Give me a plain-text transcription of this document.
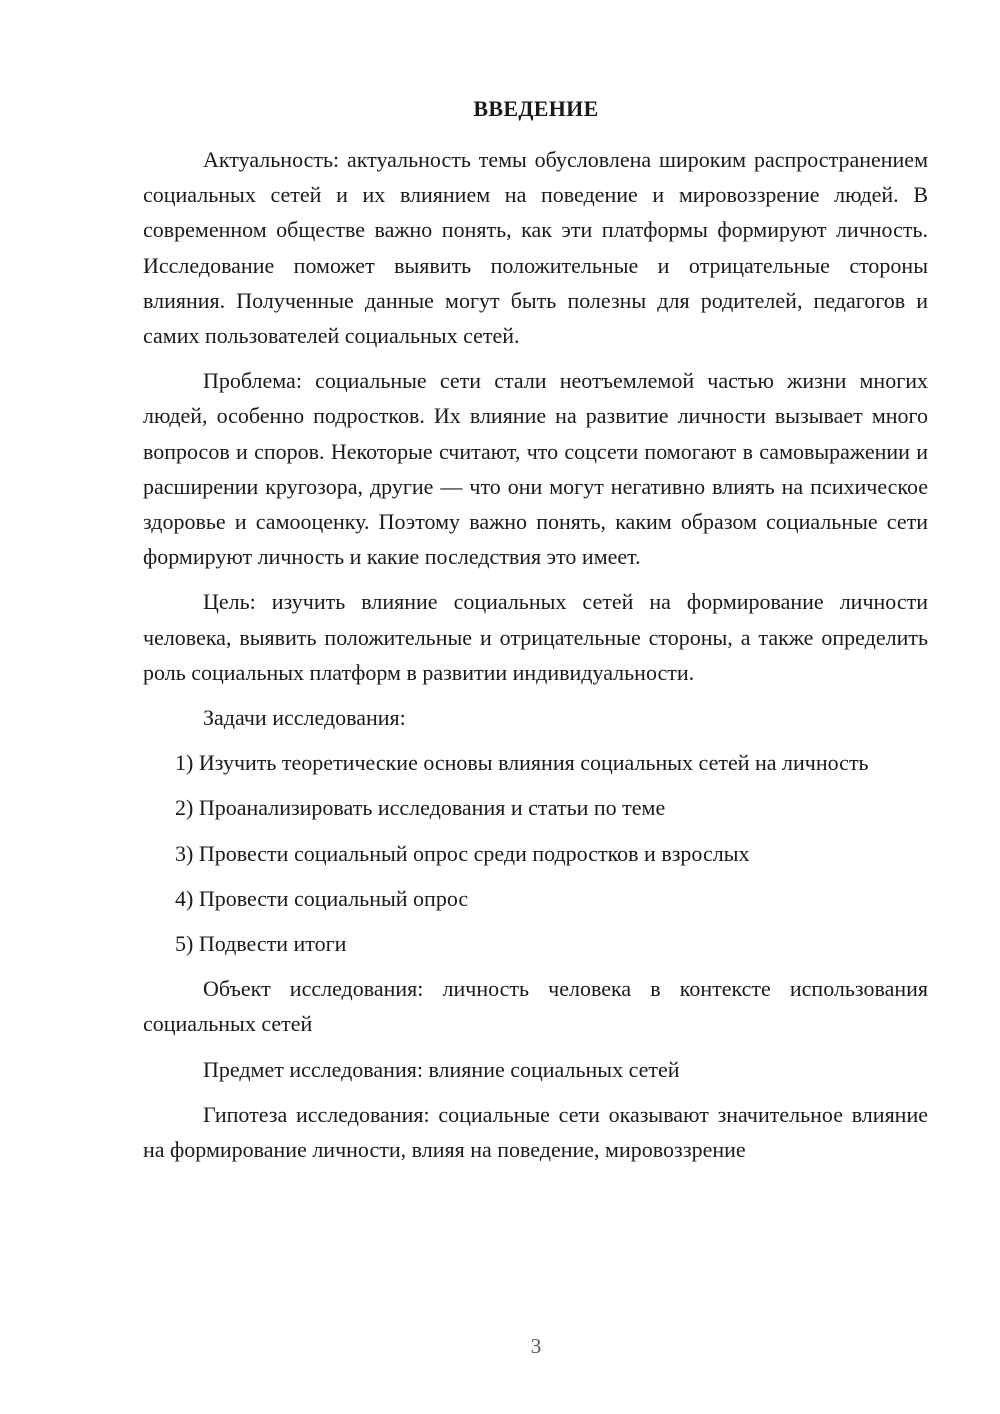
ВВЕДЕНИЕ

Актуальность: актуальность темы обусловлена широким распространением социальных сетей и их влиянием на поведение и мировоззрение людей. В современном обществе важно понять, как эти платформы формируют личность. Исследование поможет выявить положительные и отрицательные стороны влияния. Полученные данные могут быть полезны для родителей, педагогов и самих пользователей социальных сетей.

Проблема: социальные сети стали неотъемлемой частью жизни многих людей, особенно подростков. Их влияние на развитие личности вызывает много вопросов и споров. Некоторые считают, что соцсети помогают в самовыражении и расширении кругозора, другие — что они могут негативно влиять на психическое здоровье и самооценку. Поэтому важно понять, каким образом социальные сети формируют личность и какие последствия это имеет.

Цель: изучить влияние социальных сетей на формирование личности человека, выявить положительные и отрицательные стороны, а также определить роль социальных платформ в развитии индивидуальности.

Задачи исследования:

1) Изучить теоретические основы влияния социальных сетей на личность

2) Проанализировать исследования и статьи по теме

3) Провести социальный опрос среди подростков и взрослых

4) Провести социальный опрос

5) Подвести итоги

Объект исследования: личность человека в контексте использования социальных сетей

Предмет исследования: влияние социальных сетей

Гипотеза исследования: социальные сети оказывают значительное влияние на формирование личности, влияя на поведение, мировоззрение

3
